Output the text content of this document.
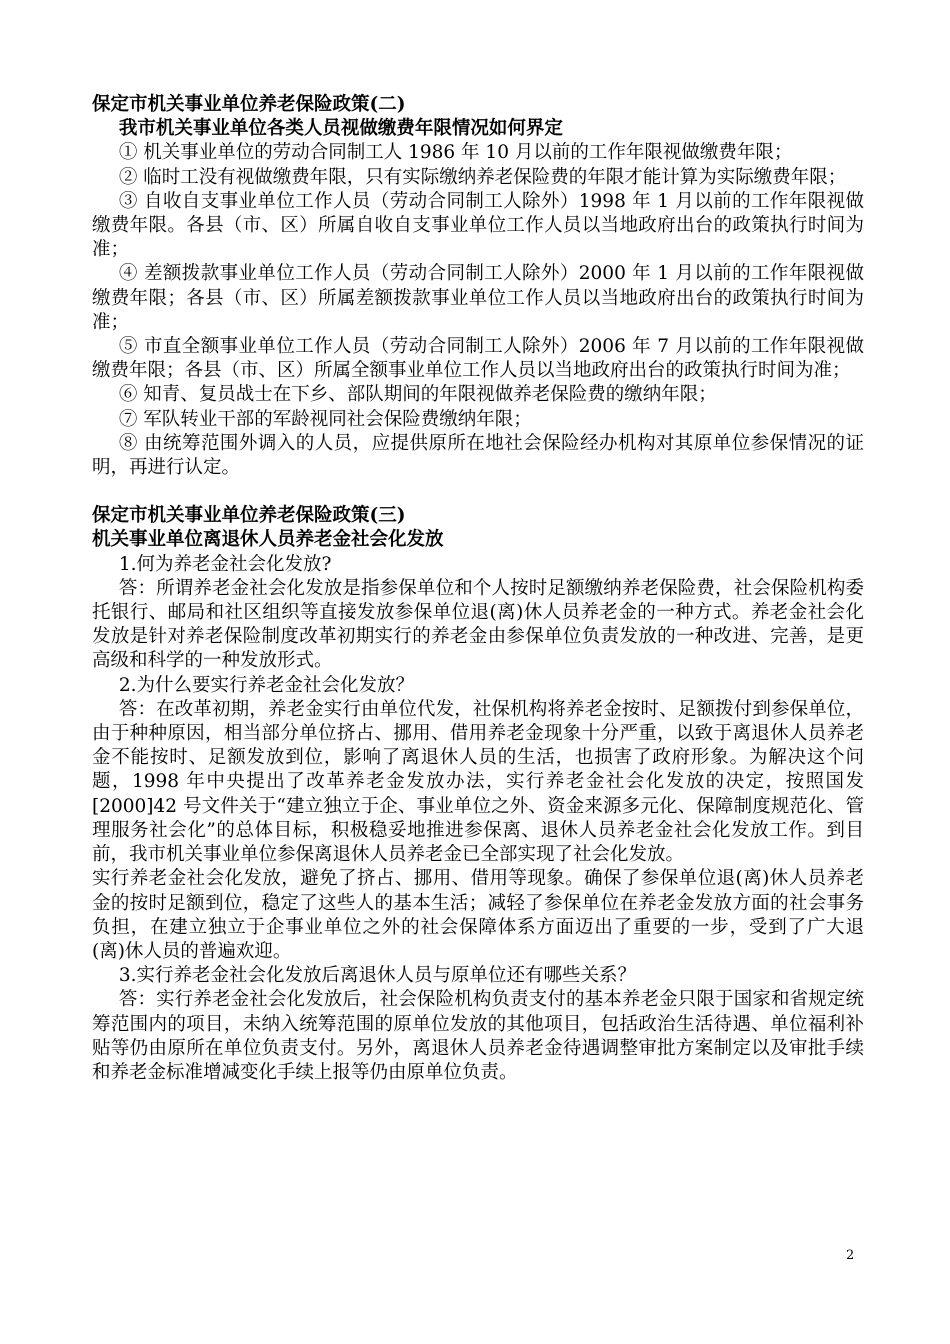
保定市机关事业单位养老保险政策(二)

我市机关事业单位各类人员视做缴费年限情况如何界定

① 机关事业单位的劳动合同制工人 1986 年 10 月以前的工作年限视做缴费年限；

② 临时工没有视做缴费年限，只有实际缴纳养老保险费的年限才能计算为实际缴费年限；

③ 自收自支事业单位工作人员（劳动合同制工人除外）1998 年 1 月以前的工作年限视做缴费年限。各县（市、区）所属自收自支事业单位工作人员以当地政府出台的政策执行时间为准；

④ 差额拨款事业单位工作人员（劳动合同制工人除外）2000 年 1 月以前的工作年限视做缴费年限；各县（市、区）所属差额拨款事业单位工作人员以当地政府出台的政策执行时间为准；

⑤ 市直全额事业单位工作人员（劳动合同制工人除外）2006 年 7 月以前的工作年限视做缴费年限；各县（市、区）所属全额事业单位工作人员以当地政府出台的政策执行时间为准；

⑥ 知青、复员战士在下乡、部队期间的年限视做养老保险费的缴纳年限；

⑦ 军队转业干部的军龄视同社会保险费缴纳年限；

⑧ 由统筹范围外调入的人员，应提供原所在地社会保险经办机构对其原单位参保情况的证明，再进行认定。

保定市机关事业单位养老保险政策(三)

机关事业单位离退休人员养老金社会化发放

1.何为养老金社会化发放?

答：所谓养老金社会化发放是指参保单位和个人按时足额缴纳养老保险费，社会保险机构委托银行、邮局和社区组织等直接发放参保单位退(离)休人员养老金的一种方式。养老金社会化发放是针对养老保险制度改革初期实行的养老金由参保单位负责发放的一种改进、完善，是更高级和科学的一种发放形式。

2.为什么要实行养老金社会化发放？

答：在改革初期，养老金实行由单位代发，社保机构将养老金按时、足额拨付到参保单位，由于种种原因，相当部分单位挤占、挪用、借用养老金现象十分严重，以致于离退休人员养老金不能按时、足额发放到位，影响了离退休人员的生活，也损害了政府形象。为解决这个问题，1998 年中央提出了改革养老金发放办法，实行养老金社会化发放的决定，按照国发[2000]42 号文件关于“建立独立于企、事业单位之外、资金来源多元化、保障制度规范化、管理服务社会化”的总体目标，积极稳妥地推进参保离、退休人员养老金社会化发放工作。到目前，我市机关事业单位参保离退休人员养老金已全部实现了社会化发放。

实行养老金社会化发放，避免了挤占、挪用、借用等现象。确保了参保单位退(离)休人员养老金的按时足额到位，稳定了这些人的基本生活；减轻了参保单位在养老金发放方面的社会事务负担，在建立独立于企事业单位之外的社会保障体系方面迈出了重要的一步，受到了广大退(离)休人员的普遍欢迎。

3.实行养老金社会化发放后离退休人员与原单位还有哪些关系？

答：实行养老金社会化发放后，社会保险机构负责支付的基本养老金只限于国家和省规定统筹范围内的项目，未纳入统筹范围的原单位发放的其他项目，包括政治生活待遇、单位福利补贴等仍由原所在单位负责支付。另外，离退休人员养老金待遇调整审批方案制定以及审批手续和养老金标准增减变化手续上报等仍由原单位负责。

2
